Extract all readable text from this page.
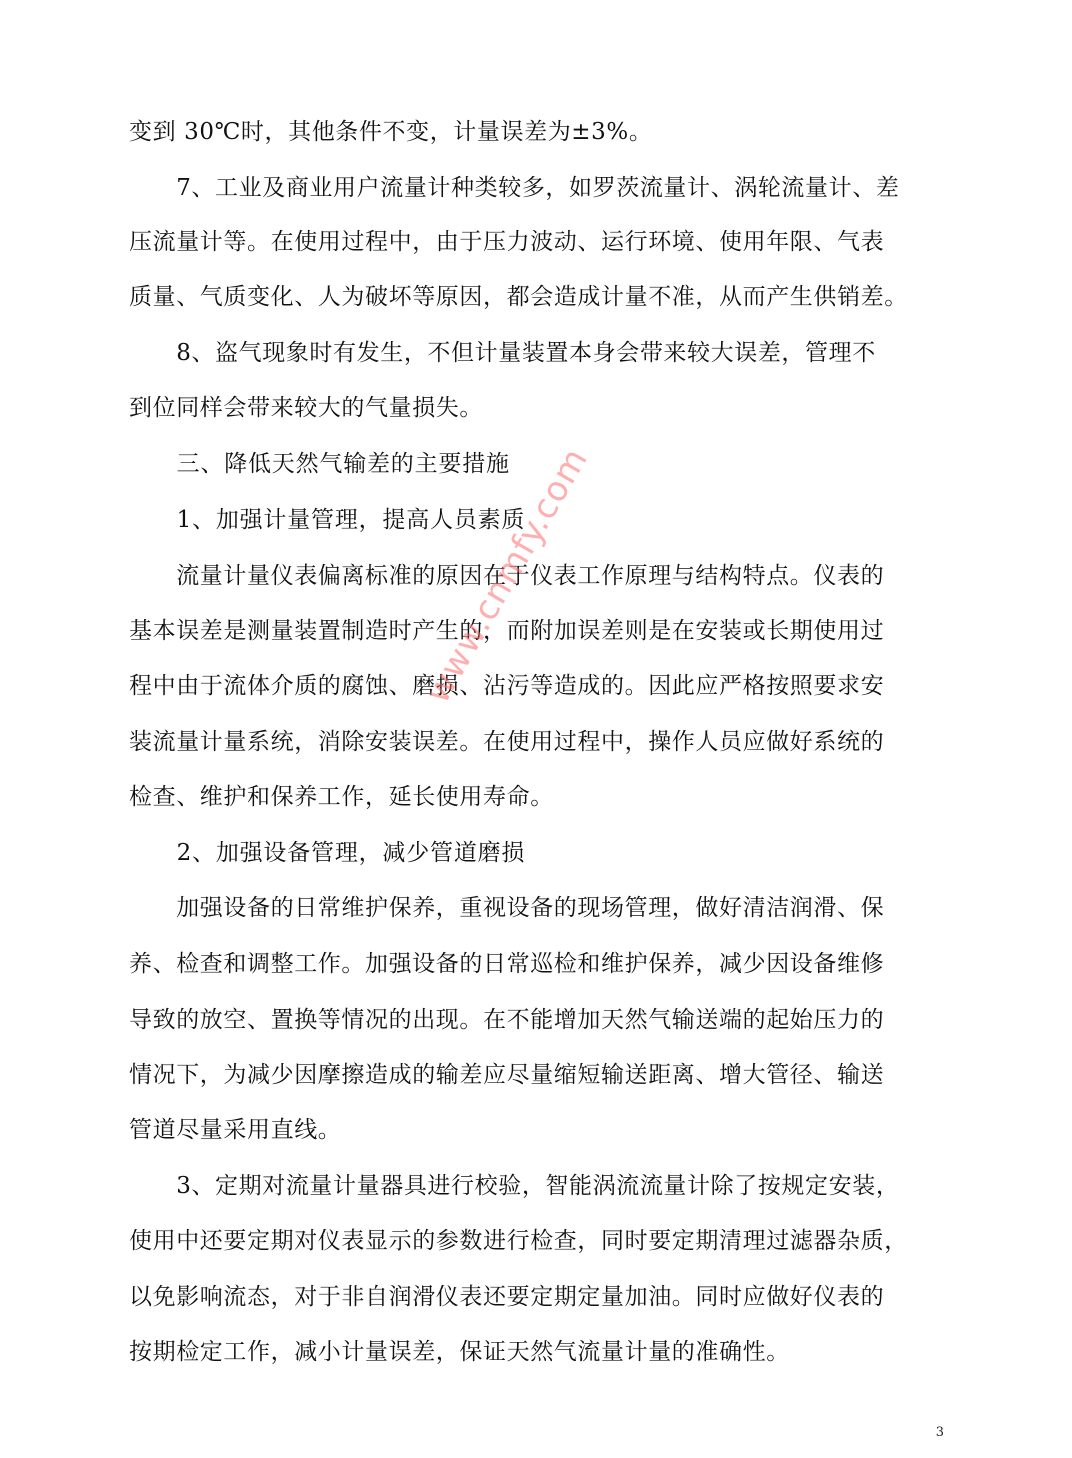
变到 30℃时，其他条件不变，计量误差为±3%。
　　7、工业及商业用户流量计种类较多，如罗茨流量计、涡轮流量计、差
压流量计等。在使用过程中，由于压力波动、运行环境、使用年限、气表
质量、气质变化、人为破坏等原因，都会造成计量不准，从而产生供销差。
　　8、盗气现象时有发生，不但计量装置本身会带来较大误差，管理不
到位同样会带来较大的气量损失。
　　三、降低天然气输差的主要措施
　　1、加强计量管理，提高人员素质
　　流量计量仪表偏离标准的原因在于仪表工作原理与结构特点。仪表的
基本误差是测量装置制造时产生的，而附加误差则是在安装或长期使用过
程中由于流体介质的腐蚀、磨损、沾污等造成的。因此应严格按照要求安
装流量计量系统，消除安装误差。在使用过程中，操作人员应做好系统的
检查、维护和保养工作，延长使用寿命。
　　2、加强设备管理，减少管道磨损
　　加强设备的日常维护保养，重视设备的现场管理，做好清洁润滑、保
养、检查和调整工作。加强设备的日常巡检和维护保养，减少因设备维修
导致的放空、置换等情况的出现。在不能增加天然气输送端的起始压力的
情况下，为减少因摩擦造成的输差应尽量缩短输送距离、增大管径、输送
管道尽量采用直线。
　　3、定期对流量计量器具进行校验，智能涡流流量计除了按规定安装，
使用中还要定期对仪表显示的参数进行检查，同时要定期清理过滤器杂质，
以免影响流态，对于非自润滑仪表还要定期定量加油。同时应做好仪表的
按期检定工作，减小计量误差，保证天然气流量计量的准确性。
www.cnmfy.com
3
